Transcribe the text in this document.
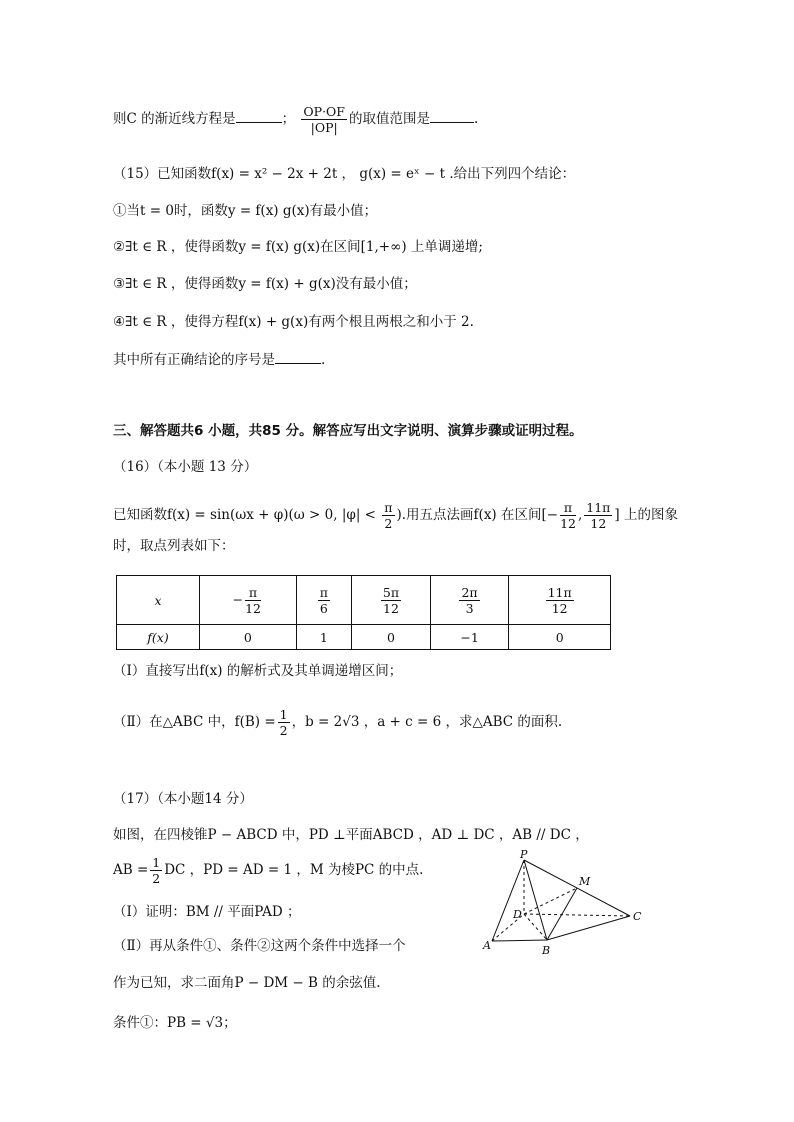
则C 的渐近线方程是	； $\frac{OP\cdot OF}{|OP|}$ 的取值范围是	.
（15）已知函数f(x) = x² − 2x + 2t ， g(x) = eˣ − t .给出下列四个结论：
①当t = 0时，函数y = f(x) g(x)有最小值；
②∃t ∈ R ，使得函数y = f(x) g(x)在区间[1,+∞) 上单调递增;
③∃t ∈ R ，使得函数y = f(x) + g(x)没有最小值；
④∃t ∈ R ，使得方程f(x) + g(x)有两个根且两根之和小于 2.
其中所有正确结论的序号是	.
三、解答题共6 小题，共85 分。解答应写出文字说明、演算步骤或证明过程。
（16）（本小题 13 分）
已知函数f(x) = sin(ωx + φ)(ω > 0, $|\varphi| < \frac{\pi}{2}$ ).用五点法画f(x) 在区间[− $\frac{\pi}{12}$ , $\frac{11\pi}{12}$ ] 上的图象
时，取点列表如下：
x	− $\frac{\pi}{12}$	$\frac{\pi}{6}$	$\frac{5\pi}{12}$	$\frac{2\pi}{3}$	$\frac{11\pi}{12}$

f(x)	0	1	0	−1	0
（Ⅰ）直接写出f(x) 的解析式及其单调递增区间；
（Ⅱ）在△ABC 中，$f(B) = \frac{1}{2}$ ，b = 2√3 ，a + c = 6 ，求△ABC 的面积.
（17）（本小题14 分）
如图，在四棱锥P − ABCD 中，PD ⊥平面ABCD ，AD ⊥ DC ，AB // DC ，
AB = $\frac{1}{2}$ DC ，PD = AD = 1 ，M 为棱PC 的中点.
（Ⅰ）证明：BM // 平面PAD ；
（Ⅱ）再从条件①、条件②这两个条件中选择一个
作为已知，求二面角P − DM − B 的余弦值.
条件①：PB = √3；
P
M
D	C
A	B
